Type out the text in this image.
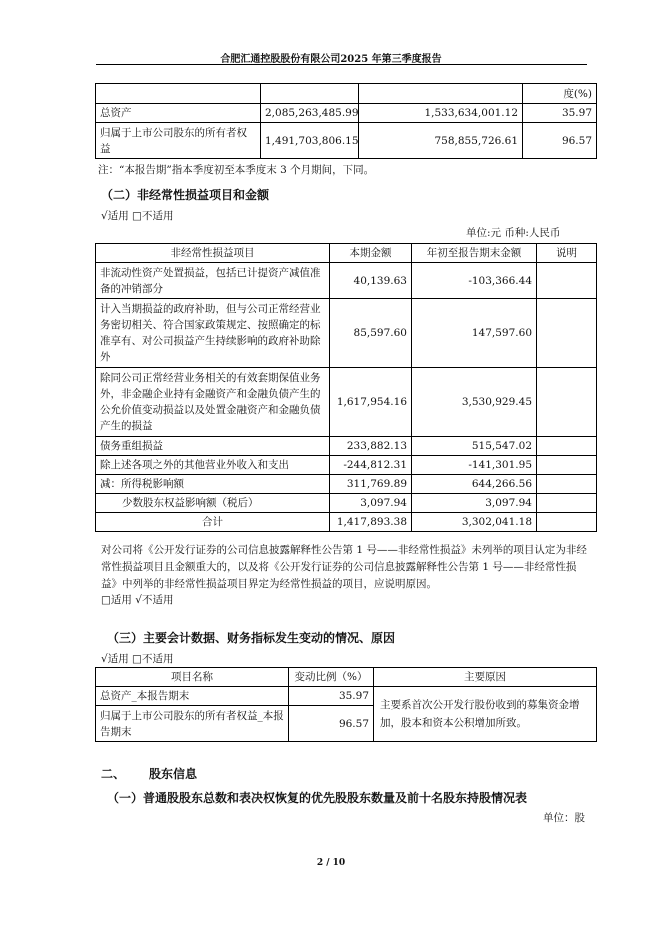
合肥汇通控股股份有限公司2025 年第三季度报告
			度(%)
总资产	2,085,263,485.99	1,533,634,001.12	35.97
归属于上市公司股东的所有者权益	1,491,703,806.15	758,855,726.61	96.57
注：“本报告期”指本季度初至本季度末 3 个月期间，下同。
（二）非经常性损益项目和金额
√适用 □不适用
单位:元 币种:人民币
非经常性损益项目	本期金额	年初至报告期末金额	说明
非流动性资产处置损益，包括已计提资产减值准备的冲销部分	40,139.63	-103,366.44	
计入当期损益的政府补助，但与公司正常经营业务密切相关、符合国家政策规定、按照确定的标准享有、对公司损益产生持续影响的政府补助除外	85,597.60	147,597.60	
除同公司正常经营业务相关的有效套期保值业务外，非金融企业持有金融资产和金融负债产生的公允价值变动损益以及处置金融资产和金融负债产生的损益	1,617,954.16	3,530,929.45	
债务重组损益	233,882.13	515,547.02	
除上述各项之外的其他营业外收入和支出	-244,812.31	-141,301.95	
减：所得税影响额	311,769.89	644,266.56	
少数股东权益影响额（税后）	3,097.94	3,097.94	
合计	1,417,893.38	3,302,041.18	
对公司将《公开发行证券的公司信息披露解释性公告第 1 号——非经常性损益》未列举的项目认定为非经常性损益项目且金额重大的，以及将《公开发行证券的公司信息披露解释性公告第 1 号——非经常性损益》中列举的非经常性损益项目界定为经常性损益的项目，应说明原因。
□适用 √不适用
（三）主要会计数据、财务指标发生变动的情况、原因
√适用 □不适用
项目名称	变动比例（%）	主要原因
总资产_本报告期末	35.97	主要系首次公开发行股份收到的募集资金增加，股本和资本公积增加所致。
归属于上市公司股东的所有者权益_本报告期末	96.57	
二、 股东信息
（一）普通股股东总数和表决权恢复的优先股股东数量及前十名股东持股情况表
单位：股
2 / 10
